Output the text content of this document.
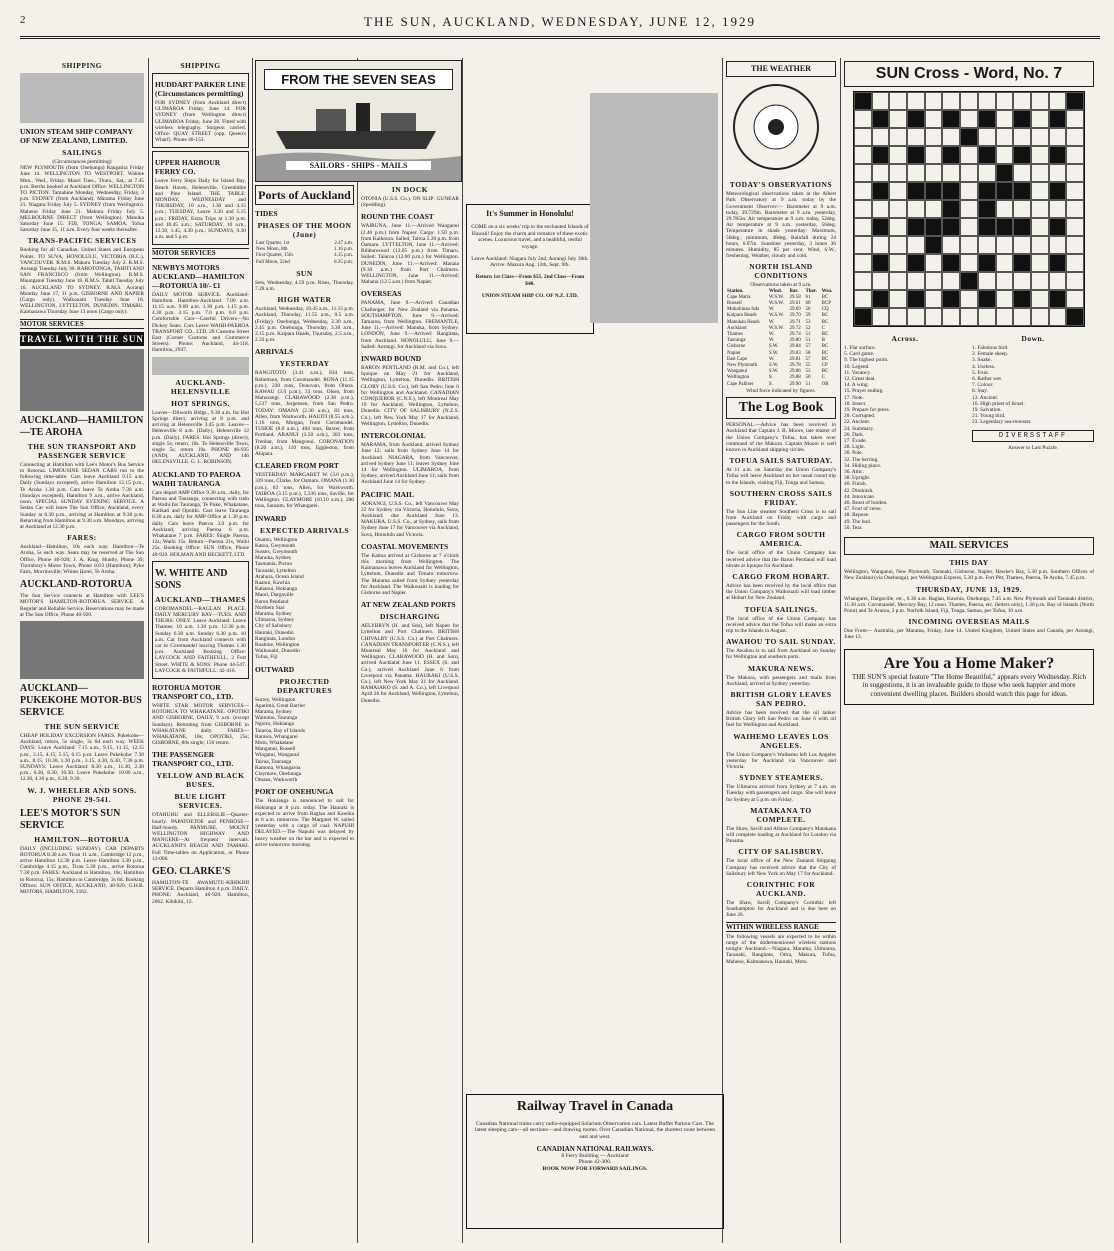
2	THE SUN, AUCKLAND, WEDNESDAY, JUNE 12, 1929
SHIPPING
UNION STEAM SHIP COMPANY OF NEW ZEALAND, LIMITED.
SAILINGS
(Circumstances permitting)

NEW PLYMOUTH (from Onehunga) Rangatira Friday June 14. WELLINGTON TO WESTPORT. Wahine Mon., Wed., Friday. Maori Tues., Thurs., Sat., at 7.45 p.m. Berths booked at Auckland Office. WELLINGTON TO PICTON. Tamahine Monday, Wednesday, Friday, 3 p.m. SYDNEY (from Auckland). Marama Friday June 21. Niagara Friday July 5. SYDNEY (from Wellington). Maheno Friday June 21. Makura Friday July 5. MELBOURNE DIRECT (from Wellington). Manuka Saturday June 15. FIJI, TONGA, SAMOA. Tofua Saturday June 15, 11 a.m. Every four weeks thereafter.

TRANS-PACIFIC SERVICES

Booking for all Canadian, United States and European Points. TO SUVA, HONOLULU, VICTORIA (B.C.), VANCOUVER. R.M.S. Makura Tuesday July 2. R.M.S. Aorangi Tuesday July 30. RAROTONGA, TAHITI AND SAN FRANCISCO (from Wellington). R.M.S. Maunganui Tuesday June 18. R.M.S. Tahiti Tuesday July 16. AUCKLAND TO SYDNEY. R.M.S. Aorangi Monday June 17, 11 p.m. GISBORNE AND NAPIER (Cargo only). Waikouaiti Tuesday June 18. WELLINGTON, LYTTELTON, DUNEDIN, TIMARU. Kaimanawa Thursday June 13 noon (Cargo only).

MOTOR SERVICES
TRAVEL WITH THE SUN
AUCKLAND—HAMILTON—TE AROHA
THE SUN TRANSPORT AND PASSENGER SERVICE

Connecting at Hamilton with Lee's Motor's Bus Service to Rotorua. LIMOUSINE SEDAN CARS run to the following time-table: Cars leave Auckland 9.15 a.m. Daily (Sundays excepted), arrive Hamilton 12.15 p.m., Te Aroha 1.30 p.m. Cars leave Te Aroha 7.30 a.m. (Sundays excepted), Hamilton 9 a.m., arrive Auckland, noon. SPECIAL SUNDAY EVENING SERVICE. A Sedan Car will leave The Sun Office, Auckland, every Sunday at 6.30 p.m., arriving at Hamilton at 9.30 p.m. Returning from Hamilton at 9.30 a.m. Mondays, arriving at Auckland at 12.30 p.m.

FARES:

Auckland—Hamilton, 10s each way. Hamilton—Te Aroha, 5s each way. Seats may be reserved at The Sun Office, Phone 40-920; J. A. King, Huntly, Phone 39; Thornbury's Motor Town, Phone 1033 (Hamilton); Pyke Fairs, Morrinsville; Whites Hotel, Te Aroha.

AUCKLAND-ROTORUA

The Sun Service connects at Hamilton with LEE'S MOTOR'S HAMILTON-ROTORUA SERVICE. A Regular and Reliable Service. Reservations may be made at The Sun Office, Phone 40-920.

AUCKLAND—PUKEKOHE MOTOR-BUS SERVICE
THE SUN SERVICE

CHEAP HOLIDAY EXCURSION FARES. Pukekohe—Auckland, return, 5s single, 3s 6d each way. WEEK DAYS: Leave Auckland: 7.15 a.m., 9.15, 11.15, 12.15 p.m., 3.15, 4.15, 5.15, 6.15 p.m. Leave Pukekohe: 7.30 a.m., 8.15, 10.30, 1.30 p.m., 3.15, 4.30, 6.30, 7.30 p.m. SUNDAYS: Leave Auckland: 8.30 a.m., 11.30, 2.30 p.m., 6.30, 8.30, 10.30. Leave Pukekohe: 10.00 a.m., 12.30, 4.30 p.m., 6.30, 9.30.

W. J. WHEELER AND SONS. PHONE 29-541.
LEE'S MOTOR'S SUN SERVICE
HAMILTON—ROTORUA

DAILY (INCLUDING SUNDAY). CAR DEPARTS ROTORUA 8.30 a.m. Tirau 11 a.m., Cambridge 12 p.m., arrive Hamilton 12.30 p.m. Leave Hamilton 3.30 p.m., Cambridge 4.15 p.m., Tirau 5.30 p.m., arrive Rotorua 7.30 p.m. FARES: Auckland to Hamilton, 10s; Hamilton to Rotorua, 15s; Hamilton to Cambridge, 3s 6d. Booking Offices: SUN OFFICE, AUCKLAND, 40-920. G.H.B. MOTORS, HAMILTON, 2162.

SHIPPING
HUDDART PARKER LINE (Circumstances permitting)

FOR SYDNEY (from Auckland direct) ULIMAROA Friday, June 14. FOR SYDNEY (from Wellington direct) ULIMAROA Friday, June 28. Fitted with wireless telegraphy. Surgeon carried. Office: QUAY STREET (opp. Queen's Wharf). Phone 40-153.

UPPER HARBOUR FERRY CO.

Leave Ferry Steps Daily for Island Bay, Beach Haven, Helensville, Greenhithe and Pine Island. THE TABLE: MONDAY, WEDNESDAY and THURSDAY, 10 a.m., 1.30 and 4.15 p.m.; TUESDAY, Leave 3.30 and 5.15 p.m.; FRIDAY, Extra Trips at 1.30 p.m. and 10.45 a.m.; SATURDAY, 10 a.m., 12.30, 1.45, 4.30 p.m.; SUNDAYS, 9.30 a.m. and 5 p.m.

MOTOR SERVICES
NEWBYS MOTORS AUCKLAND—HAMILTON—ROTORUA 10/- £1

DAILY MOTOR SERVICE. Auckland-Hamilton. Hamilton-Auckland. 7.00 a.m. 11.15 a.m. 9.00 a.m. 1.30 p.m. 1.15 p.m. 4.30 p.m. 3.15 p.m. 7.0 p.m. 6.0 p.m. Comfortable Cars—Careful Drivers—No Dickey Seats. Cars Leave WAIHI-PAEROA TRANSPORT CO., LTD. 29 Customs Street East (Corner Customs and Commerce Streets). Phone: Auckland, 44-118. Hamilton, 2947.

AUCKLAND-HELENSVILLE
HOT SPRINGS.

Leaves—Dilworth Bldgs., 9.30 a.m. for Hot Springs direct, arriving at 8 p.m. and arriving at Helensville 3.45 p.m. Leaves—Helensville 8 a.m. (Daily), Helensville 12 p.m. (Daily). FARES: Hot Springs (direct), single 5s; return, 10s. To Helensville Town, single 5s; return 10s. PHONE 46-935 (AND), AUCKLAND, AND 146 HELENSVILLE. G. L. ROBINSON.

AUCKLAND TO PAEROA WAIHI TAURANGA

Cars depart AMP Office 9.30 a.m., daily, for Paeroa and Tauranga, connecting with train at Waihi for Tauranga, Te Puke, Whakatane, Katikati and Opotiki. Cars leave Tauranga 8.30 a.m. daily for AMP Office at 1.30 p.m. daily. Cars leave Paeroa 3.0 p.m. for Auckland, arriving Paeroa 6 p.m. Whakatane 7 p.m. FARES: Single Paeroa, 12s; Waihi 15s. Return—Paeroa 21s, Waihi 25s. Booking Office: SUN Office, Phone 40-920. HOLMAN AND BECKETT, LTD.

W. WHITE AND SONS
AUCKLAND—THAMES

COROMANDEL—RAGLAN PLACE. DAILY MERCURY BAY—TUES. AND THURS. ONLY. Leave Auckland: Leave Thames: 10 a.m. 1.30 p.m. 12.30 p.m. Sunday 6.30 a.m. Sunday 6.30 p.m. 10 a.m. Car from Auckland connects with car to Coromandel leaving Thames 1.30 p.m. Auckland Booking Office: LAYCOCK AND FAITHFULL, 3 Fort Street. WHITE & SONS: Phone 44-547. LAYCOCK & FAITHFULL: 42-416.

ROTORUA MOTOR TRANSPORT CO., LTD.

WHITE STAR MOTOR SERVICES—ROTORUA TO WHAKATANE. OPOTIKI AND GISBORNE, DAILY, 9 a.m. (except Sundays). Returning from GISBORNE to WHAKATANE daily. FARES—WHAKATANE, 18s; OPOTIKI, 25s; GISBORNE, 80s single; 150 return.

THE PASSENGER TRANSPORT CO., LTD.
YELLOW AND BLACK BUSES.
BLUE LIGHT SERVICES.

OTAHUHU and ELLERSLIE—Quarter-hourly. PAPATOETOE and PENROSE—Half-hourly. PANMURE, MOUNT WELLINGTON HIGHWAY AND MANGERE—At frequent intervals. AUCKLAND'S BEACH AND TAMAKI. Full Time-tables on Application, or Phone 12-006.

GEO. CLARKE'S

HAMILTON-TE AWAMUTU-KIHIKIHI SERVICE. Departs Hamilton 4 p.m. DAILY. PHONE: Auckland, 46-920. Hamilton, 2062. Kihikihi, 12.

FROM THE SEVEN SEAS
SAILORS - SHIPS - MAILS
Ports of Auckland
TIDES
PHASES OF THE MOON (June)
Last Quarter, 1st	2.47 a.m.
New Moon, 8th	1.16 p.m.
First Quarter, 15th	4.15 p.m.
Full Moon, 22nd	8.35 p.m.
SUN

Sets, Wednesday, 4.59 p.m. Rises, Thursday, 7.28 a.m.

HIGH WATER

Auckland, Wednesday, 10.45 a.m., 11.15 p.m. Auckland, Thursday, 11.55 a.m., 0.5 a.m. (Friday). Onehunga, Wednesday, 2.30 a.m., 2.45 p.m. Onehunga, Thursday, 3.30 a.m., 3.15 p.m. Kaipara Heads, Thursday, 2.5 a.m., 2.33 p.m.

ARRIVALS
YESTERDAY

RANGITOTO (3.41 a.m.), 834 tons, Robertson, from Coromandel. RONA (11.15 p.m.), 220 tons, Donovan, from Ohura. KAWAU (3.0 p.m.), 33 tons, Olsen, from Mahurangi. CLARAWOOD (2.30 p.m.), 5,517 tons, Jorgensen, from San Pedro. TODAY: OMANA (2.30 a.m.), 83 tons, Allen, from Warkworth. HAUITI (8.55 a.m.), 1.16 tons, Morgan, from Coromandel. TUHOE (8.0 a.m.), 404 tons, Baxter, from Portland. ARANUI (3.50 a.m.), 383 tons, Trenbar, from Mangonui. CORONATION (8.20 a.m.), 110 tons, Eggleston, from Ahipara.

CLEARED FROM PORT

YESTERDAY: MARGARET W. (3.0 p.m.), 339 tons, Clarke, for Oamaru. OMANA (1.30 p.m.), 83 tons, Allen, for Warkworth. TAIROA (3.15 p.m.), 5,336 tons, Saville, for Wellington. CLAYMORE (10.10 a.m.), 286 tons, Sansum, for Whangarei.

INWARD
EXPECTED ARRIVALS
Onamu, Wellington
Katoa, Greymouth
Sussex, Greymouth
Manuka, Sydney
Tasmania, Picton
Taranaki, Lyttelton
Arahura, Ocean Island
Raanui, Kawhia
Kahanui, Hokianga
Maori, Dargaville
Baron Pentland
Northern Star
Marama, Sydney
Ulimaroa, Sydney
City of Salisbury
Hauraki, Dunedin
Rangitata, London
Ruahine, Wellington
Waikouaiti, Dunedin
Tofua, Fiji
OUTWARD
PROJECTED DEPARTURES
Surrey, Wellington
Aparima, Great Barrier
Marama, Sydney
Waitomo, Tauranga
Ngoiro, Hokianga
Taiaroa, Bay of Islands
Rarawa, Whangarei
Motu, Whakatane
Manganui, Russell
Wingatui, Wanganui
Tairua, Tauranga
Ramona, Whangaroa
Claymore, Onehunga
Omana, Warkworth
PORT OF ONEHUNGA

The Hokianga is announced to sail for Hokianga at 8 p.m. today. The Hauraki is expected to arrive from Raglan and Kawhia at 6 a.m. tomorrow. The Margaret W. sailed yesterday with a cargo of coal. NAPUHI DELAYED.—The Napuhi was delayed by heavy weather on the bar and is expected to arrive tomorrow morning.

IN DOCK

OTONIA (U.S.S. Co.). ON SLIP: GUNEAR (Spedding).

ROUND THE COAST

WAIRUNA, June 11.—Arrived Wanganui (2.40 p.m.) from Napier. Cargo: 1.50 p.m. from Kaikoura. Sailed, Tairoa 5.30 p.m. from Oamaru. LYTTELTON, June 11.—Arrived: Ribbonwood (12.05 p.m.) from Timaru. Sailed: Taiaroa (12.00 p.m.) for Wellington. DUNEDIN, June 11.—Arrived: Manaia (9.30 a.m.) from Port Chalmers. WELLINGTON, June 11.—Arrived: Mahana (12.5 a.m.) from Napier.

OVERSEAS

PANAMA, June 9.—Arrived: Canadian Challenger, for New Zealand via Panama. SOUTHAMPTON, June 9.—Arrived: Tamaroa, from Wellington. FREMANTLE, June 11.—Arrived: Manuka, from Sydney. LONDON, June 9.—Arrived: Rangitata, from Auckland. HONOLULU, June 9.—Sailed: Aorangi, for Auckland via Suva.

INWARD BOUND

BARON PENTLAND (R.M. and Co.), left Iquique on May 21 for Auckland, Wellington, Lyttelton, Dunedin. BRITISH GLORY (U.S.S. Co.), left San Pedro June 6 for Wellington and Auckland. CANADIAN CONQUEROR (C.N.S.), left Montreal May 19 for Auckland, Wellington, Lyttelton, Dunedin. CITY OF SALISBURY (N.Z.S. Co.), left New York May 17 for Auckland, Wellington, Lyttelton, Dunedin.

INTERCOLONIAL

MARAMA, from Auckland, arrived Sydney June 12; sails from Sydney June 14 for Auckland. NIAGARA, from Vancouver, arrived Sydney June 11; leaves Sydney June 14 for Wellington. ULIMAROA, from Sydney, arrived Auckland June 11; sails from Auckland June 14 for Sydney.

PACIFIC MAIL

AORANGI, U.S.S. Co., left Vancouver May 22 for Sydney via Victoria, Honolulu, Suva, Auckland; due Auckland June 13. MAKURA, U.S.S. Co., at Sydney, sails from Sydney June 17 for Vancouver via Auckland, Suva, Honolulu and Victoria.

COASTAL MOVEMENTS

The Kaitoa arrived at Gisborne at 7 o'clock this morning from Wellington. The Kaimanawa leaves Auckland for Wellington, Lyttelton, Dunedin and Timaru tomorrow. The Marama sailed from Sydney yesterday for Auckland. The Waikouaiti is loading for Gisborne and Napier.

AT NEW ZEALAND PORTS
DISCHARGING

AELYBRYN (H. and Son), left Napier for Lyttelton and Port Chalmers. BRITISH CHIVALRY (U.S.S. Co.) at Port Chalmers. CANADIAN TRANSPORTER (C.N.S.), left Montreal May 16 for Auckland and Wellington. CLARAWOOD (H. and Son), arrived Auckland June 11. ESSEX (S. and Co.), arrived Auckland June 6 from Liverpool via Panama. HAURAKI (U.S.S. Co.), left New York May 21 for Auckland. RAMAIAKO (S. and A. Co.), left Liverpool April 26 for Auckland, Wellington, Lyttelton, Dunedin.

It's Summer in Honolulu!

COME on a six weeks' trip to the enchanted Islands of Hawaii! Enjoy the charm and romance of these exotic scenes. Luxurious travel, and a healthful, restful voyage.

Leave Auckland: Niagara July 2nd, Aorangi July 30th. Arrive: Makura Aug. 12th, Sept. 9th.

Return 1st Class—From $55. 2nd Class—From $40.

UNION STEAM SHIP CO. OF N.Z. LTD.
Railway Travel in Canada

Canadian National trains carry radio-equipped Solarium Observation cars. Latest Buffet Parlour Cars. The latest sleeping cars—all sections—and drawing rooms. Over Canadian National, the shortest route between east and west.

CANADIAN NATIONAL RAILWAYS.
8 Ferry Building — Auckland
Phone 42-300.
BOOK NOW FOR FORWARD SAILINGS.
THE WEATHER
TODAY'S OBSERVATIONS

Meteorological observations taken at the Albert Park Observatory at 9 a.m. today by the Government Observer:— Barometer at 9 a.m. today, 29.729in. Barometer at 9 a.m. yesterday, 29.785in. Air temperature at 9 a.m. today, 52deg. Air temperature at 9 a.m. yesterday, 56deg. Temperature in shade yesterday: Maximum, 56deg.; minimum, 48deg. Rainfall during 24 hours, 0.07in. Sunshine yesterday, 3 hours 36 minutes. Humidity, 85 per cent. Wind, S.W., freshening. Weather, cloudy and cold.

NORTH ISLAND CONDITIONS
Observations taken at 9 a.m.
Station.	Wind.	Bar.	Ther.	Wea.
Cape Maria	W.S.W.	29.58	61	BC
Russell	W.S.W.	29.61	60	BCP
Mokohinau Isds	W.	29.69	58	CQ
Kaipara Heads	W.S.W.	29.70	59	BC
Manukau Heads	W.	29.71	53	BC
Auckland	W.S.W.	29.72	52	C
Thames	W.	29.74	51	BC
Tauranga	W.	29.80	51	B
Gisborne	S.W.	29.84	57	BC
Napier	S.W.	29.83	58	BC
East Cape	W.	29.81	57	BC
New Plymouth	S.W.	29.78	55	CP
Wanganui	S.W.	29.86	53	BC
Wellington	S.	29.88	50	C
Cape Palliser	S.	29.90	51	OR
Wind force indicated by figures.
The Log Book

PERSONAL.—Advice has been received in Auckland that Captain J. B. Moore, late master of the Union Company's Tofua, has taken over command of the Makura. Captain Moore is well known in Auckland shipping circles.

TOFUA SAILS SATURDAY.

At 11 a.m. on Saturday the Union Company's Tofua will leave Auckland on her usual round trip to the Islands, visiting Fiji, Tonga and Samoa.

SOUTHERN CROSS SAILS FRIDAY.

The Sun Line steamer Southern Cross is to sail from Auckland on Friday with cargo and passengers for the South.

CARGO FROM SOUTH AMERICA.

The local office of the Union Company has received advice that the Baron Pentland will load nitrate at Iquique for Auckland.

CARGO FROM HOBART.

Advice has been received by the local office that the Union Company's Waikouaiti will load timber at Hobart for New Zealand.

TOFUA SAILINGS.

The local office of the Union Company has received advice that the Tofua will make an extra trip to the Islands in August.

AWAHOU TO SAIL SUNDAY.

The Awahou is to sail from Auckland on Sunday for Wellington and southern ports.

MAKURA NEWS.

The Makura, with passengers and mails from Auckland, arrived at Sydney yesterday.

BRITISH GLORY LEAVES SAN PEDRO.

Advice has been received that the oil tanker British Glory left San Pedro on June 6 with oil fuel for Wellington and Auckland.

WAIHEMO LEAVES LOS ANGELES.

The Union Company's Waihemo left Los Angeles yesterday for Auckland via Vancouver and Victoria.

SYDNEY STEAMERS.

The Ulimaroa arrived from Sydney at 7 a.m. on Tuesday with passengers and cargo. She will leave for Sydney at 5 p.m. on Friday.

MATAKANA TO COMPLETE.

The Shaw, Savill and Albion Company's Matakana will complete loading at Auckland for London via Panama.

CITY OF SALISBURY.

The local office of the New Zealand Shipping Company has received advice that the City of Salisbury left New York on May 17 for Auckland.

CORINTHIC FOR AUCKLAND.

The Shaw, Savill Company's Corinthic left Southampton for Auckland and is due here on June 20.

WITHIN WIRELESS RANGE

The following vessels are expected to be within range of the undermentioned wireless stations tonight: Auckland.—Niagara, Marama, Ulimaroa, Taranaki, Rangitata, Otira, Makura, Tofua, Maheno, Kaimanawa, Hauraki, Motu.

SUN Cross - Word, No. 7
Across.
1. Flat surface.
5. Card game.
9. The highest point.
10. Legend.
11. Vacancy.
12. Great deal.
14. A wing.
15. Prayer ending.
17. Note.
18. Insect.
19. Prepare for press.
20. Corrupted.
22. Ancient.
24. Summary.
26. Dark.
27. Evade.
28. Light.
30. Pole.
32. The herring.
34. Hiding place.
36. Attic.
38. Upright.
40. Finish.
42. Diminish.
44. Intoxicate.
46. Beast of burden.
47. Foot of verse.
48. Repose.
49. The bud.
50. Tear.
Down.
1. Fabulous bird.
2. Female sheep.
3. Snake.
4. Useless.
5. Fruit.
6. Rather wet.
7. Colour.
8. Stay.
13. Ancient.
16. High priest of Israel.
19. Salvation.
21. Young bird.
23. Legendary sea-monster.
DIVERSSTAFF
Answer to Last Puzzle.
MAIL SERVICES
THIS DAY

Wellington, Wanganui, New Plymouth, Taranaki, Gisborne, Napier, Hawke's Bay, 5.30 p.m. Southern Offices of New Zealand (via Onehunga), per Wellington Express, 5.30 p.m. Fort Pitt, Thames, Paeroa, Te Aroha, 7.45 p.m.

THURSDAY, JUNE 13, 1929.

Whangarei, Dargaville, etc., 6.30 a.m. Raglan, Kawhia, Onehunga, 7.45 a.m. New Plymouth and Taranaki district, 11.30 a.m. Coromandel, Mercury Bay, 12 noon. Thames, Paeroa, etc. (letters only), 1.30 p.m. Bay of Islands (North Point) and Te Araroa, 2 p.m. Norfolk Island, Fiji, Tonga, Samoa, per Tofua, 10 a.m.

INCOMING OVERSEAS MAILS

Due From— Australia, per Marama, Friday, June 14. United Kingdom, United States and Canada, per Aorangi, June 13.

Are You a Home Maker?

THE SUN'S special feature "The Home Beautiful," appears every Wednesday. Rich in suggestions, it is an invaluable guide to those who seek happier and more convenient dwelling places. Builders should watch this page for ideas.
